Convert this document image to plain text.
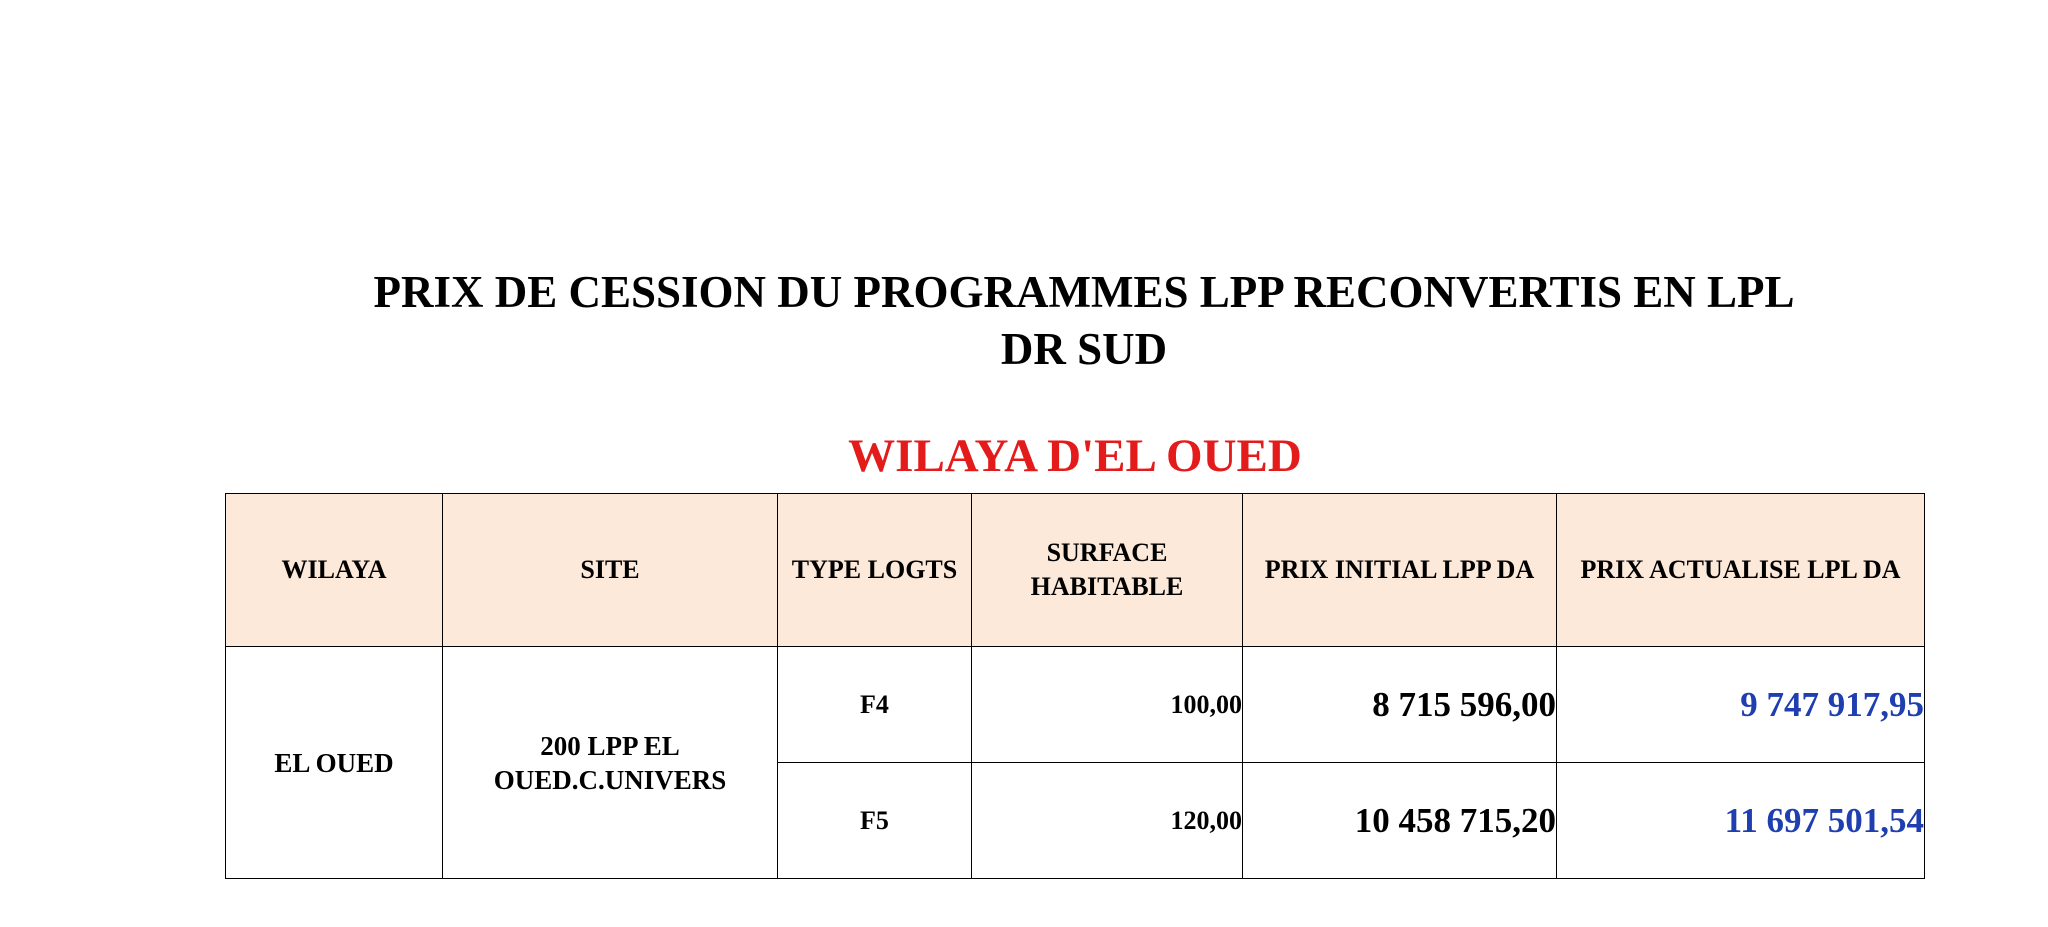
PRIX DE CESSION DU PROGRAMMES LPP RECONVERTIS EN LPL
DR SUD
WILAYA D'EL OUED
WILAYA	SITE	TYPE LOGTS	SURFACE HABITABLE	PRIX INITIAL LPP DA	PRIX ACTUALISE LPL DA
EL OUED	200 LPP EL OUED.C.UNIVERS	F4	100,00	8 715 596,00	9 747 917,95
		F5	120,00	10 458 715,20	11 697 501,54
